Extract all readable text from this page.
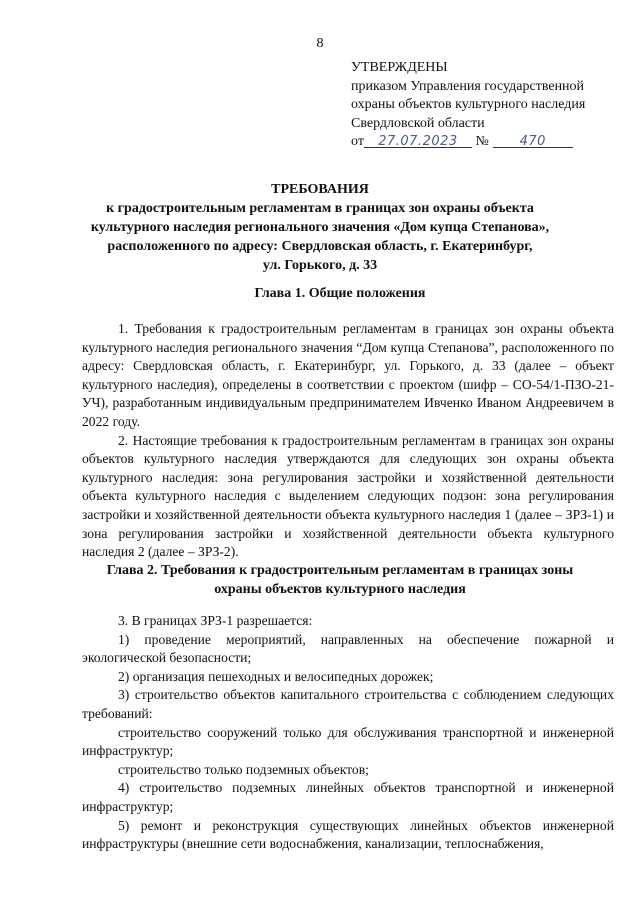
8
УТВЕРЖДЕНЫ
приказом Управления государственной
охраны объектов культурного наследия
Свердловской области
от 27.07.2023 № 470
ТРЕБОВАНИЯ
к градостроительным регламентам в границах зон охраны объекта
культурного наследия регионального значения «Дом купца Степанова»,
расположенного по адресу: Свердловская область, г. Екатеринбург,
ул. Горького, д. 33
Глава 1. Общие положения

1. Требования к градостроительным регламентам в границах зон охраны объекта культурного наследия регионального значения “Дом купца Степанова”, расположенного по адресу: Свердловская область, г. Екатеринбург, ул. Горького, д. 33 (далее – объект культурного наследия), определены в соответствии с проектом (шифр – СО-54/1-ПЗО-21-УЧ), разработанным индивидуальным предпринимателем Ивченко Иваном Андреевичем в 2022 году.

2. Настоящие требования к градостроительным регламентам в границах зон охраны объектов культурного наследия утверждаются для следующих зон охраны объекта культурного наследия: зона регулирования застройки и хозяйственной деятельности объекта культурного наследия с выделением следующих подзон: зона регулирования застройки и хозяйственной деятельности объекта культурного наследия 1 (далее – ЗРЗ-1) и зона регулирования застройки и хозяйственной деятельности объекта культурного наследия 2 (далее – ЗРЗ-2).

Глава 2. Требования к градостроительным регламентам в границах зоны
охраны объектов культурного наследия

3. В границах ЗРЗ-1 разрешается:

1) проведение мероприятий, направленных на обеспечение пожарной и экологической безопасности;

2) организация пешеходных и велосипедных дорожек;

3) строительство объектов капитального строительства с соблюдением следующих требований:

строительство сооружений только для обслуживания транспортной и инженерной инфраструктур;

строительство только подземных объектов;

4) строительство подземных линейных объектов транспортной и инженерной инфраструктур;

5) ремонт и реконструкция существующих линейных объектов инженерной инфраструктуры (внешние сети водоснабжения, канализации, теплоснабжения,
